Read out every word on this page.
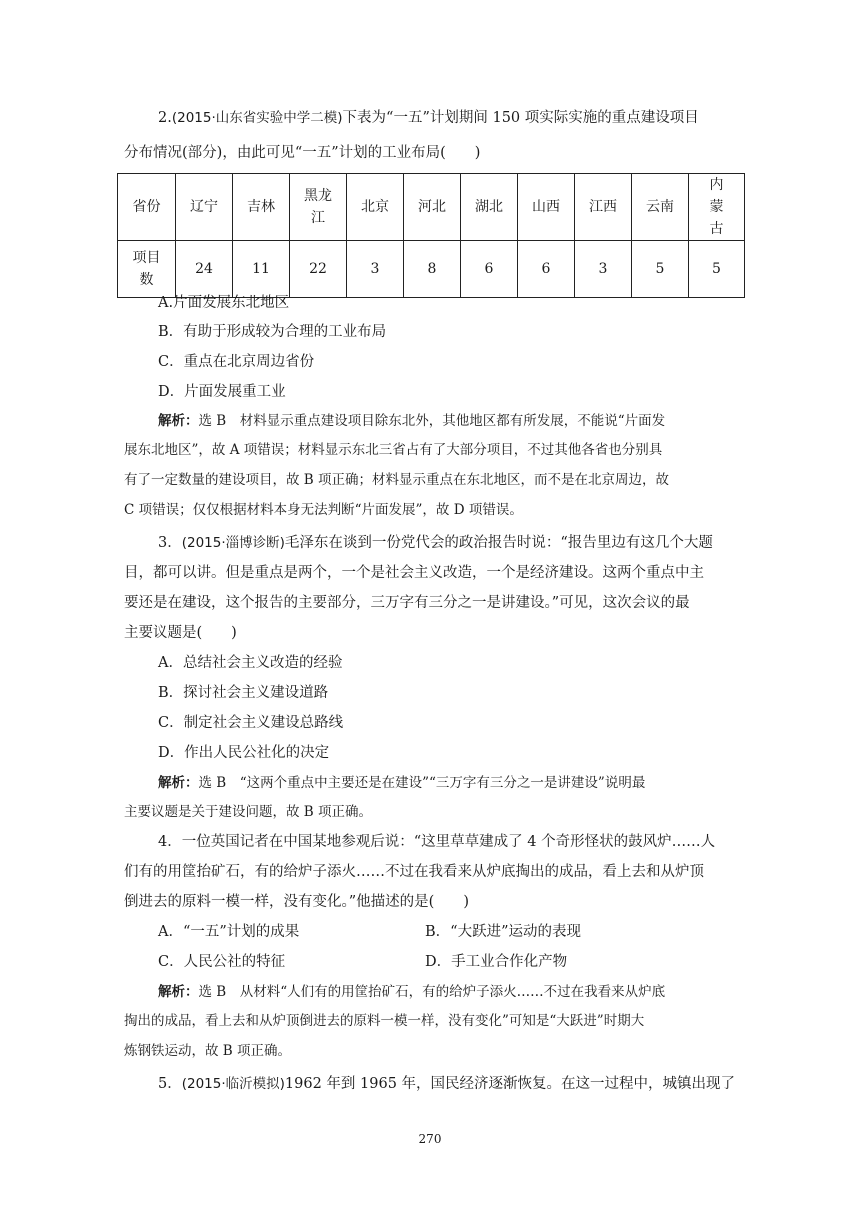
2.(2015·山东省实验中学二模)下表为“一五”计划期间 150 项实际实施的重点建设项目
分布情况(部分)，由此可见“一五”计划的工业布局(　　)
省份	辽宁	吉林	黑龙江	北京	河北	湖北	山西	江西	云南	内蒙古
项目数	24	11	22	3	8	6	6	3	5	5
A.片面发展东北地区
B．有助于形成较为合理的工业布局
C．重点在北京周边省份
D．片面发展重工业
解析：选 B　材料显示重点建设项目除东北外，其他地区都有所发展，不能说“片面发
展东北地区”，故 A 项错误；材料显示东北三省占有了大部分项目，不过其他各省也分别具
有了一定数量的建设项目，故 B 项正确；材料显示重点在东北地区，而不是在北京周边，故
C 项错误；仅仅根据材料本身无法判断“片面发展”，故 D 项错误。
3．(2015·淄博诊断)毛泽东在谈到一份党代会的政治报告时说：“报告里边有这几个大题
目，都可以讲。但是重点是两个，一个是社会主义改造，一个是经济建设。这两个重点中主
要还是在建设，这个报告的主要部分，三万字有三分之一是讲建设。”可见，这次会议的最
主要议题是(　　)
A．总结社会主义改造的经验
B．探讨社会主义建设道路
C．制定社会主义建设总路线
D．作出人民公社化的决定
解析：选 B　“这两个重点中主要还是在建设”“三万字有三分之一是讲建设”说明最
主要议题是关于建设问题，故 B 项正确。
4．一位英国记者在中国某地参观后说：“这里草草建成了 4 个奇形怪状的鼓风炉……人
们有的用筐抬矿石，有的给炉子添火……不过在我看来从炉底掏出的成品，看上去和从炉顶
倒进去的原料一模一样，没有变化。”他描述的是(　　)
A．“一五”计划的成果	B．“大跃进”运动的表现
C．人民公社的特征	D．手工业合作化产物
解析：选 B　从材料“人们有的用筐抬矿石，有的给炉子添火……不过在我看来从炉底
掏出的成品，看上去和从炉顶倒进去的原料一模一样，没有变化”可知是“大跃进”时期大
炼钢铁运动，故 B 项正确。
5．(2015·临沂模拟)1962 年到 1965 年，国民经济逐渐恢复。在这一过程中，城镇出现了
270
